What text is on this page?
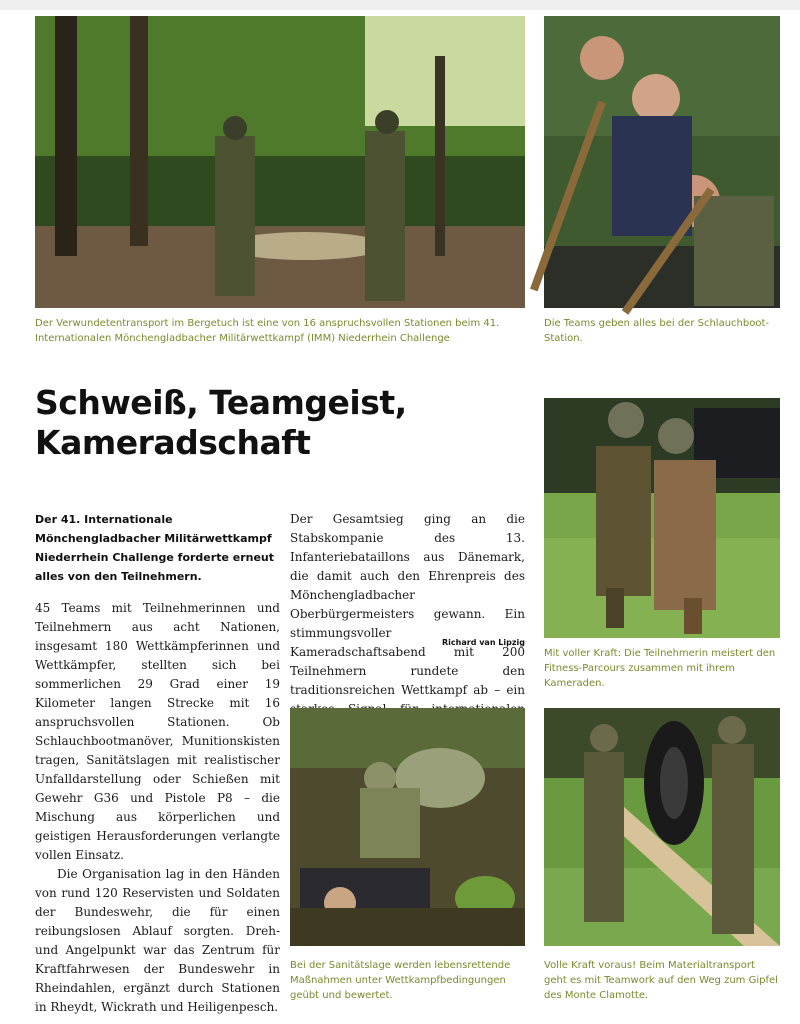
Der Verwundetentransport im Bergetuch ist eine von 16 anspruchsvollen Stationen beim 41. Internationalen Mönchengladbacher Militärwettkampf (IMM) Niederrhein Challenge
Die Teams geben alles bei der Schlauchboot-Station.
Schweiß, Teamgeist, Kameradschaft
Mit voller Kraft: Die Teilnehmerin meistert den Fitness-Parcours zusammen mit ihrem Kameraden.
Der 41. Internationale Mönchengladbacher Militärwettkampf Niederrhein Challenge forderte erneut alles von den Teilnehmern.

45 Teams mit Teilnehmerinnen und Teilnehmern aus acht Nationen, insgesamt 180 Wettkämpferinnen und Wettkämpfer, stellten sich bei sommerlichen 29 Grad einer 19 Kilometer langen Strecke mit 16 anspruchsvollen Stationen. Ob Schlauchbootmanöver, Munitionskisten tragen, Sanitätslagen mit realistischer Unfalldarstellung oder Schießen mit Gewehr G36 und Pistole P8 – die Mischung aus körperlichen und geistigen Herausforderungen verlangte vollen Einsatz.

Die Organisation lag in den Händen von rund 120 Reservisten und Soldaten der Bundeswehr, die für einen reibungslosen Ablauf sorgten. Dreh- und Angelpunkt war das Zentrum für Kraftfahrwesen der Bundeswehr in Rheindahlen, ergänzt durch Stationen in Rheydt, Wickrath und Heiligenpesch.

Der Gesamtsieg ging an die Stabskompanie des 13. Infanteriebataillons aus Dänemark, die damit auch den Ehrenpreis des Mönchengladbacher Oberbürgermeisters gewann. Ein stimmungsvoller Kameradschaftsabend mit 200 Teilnehmern rundete den traditionsreichen Wettkampf ab – ein

Richard van Lipzig
Bei der Sanitätslage werden lebensrettende Maßnahmen unter Wettkampfbedingungen geübt und bewertet.
Volle Kraft voraus! Beim Materialtransport geht es mit Teamwork auf den Weg zum Gipfel des Monte Clamotte.
